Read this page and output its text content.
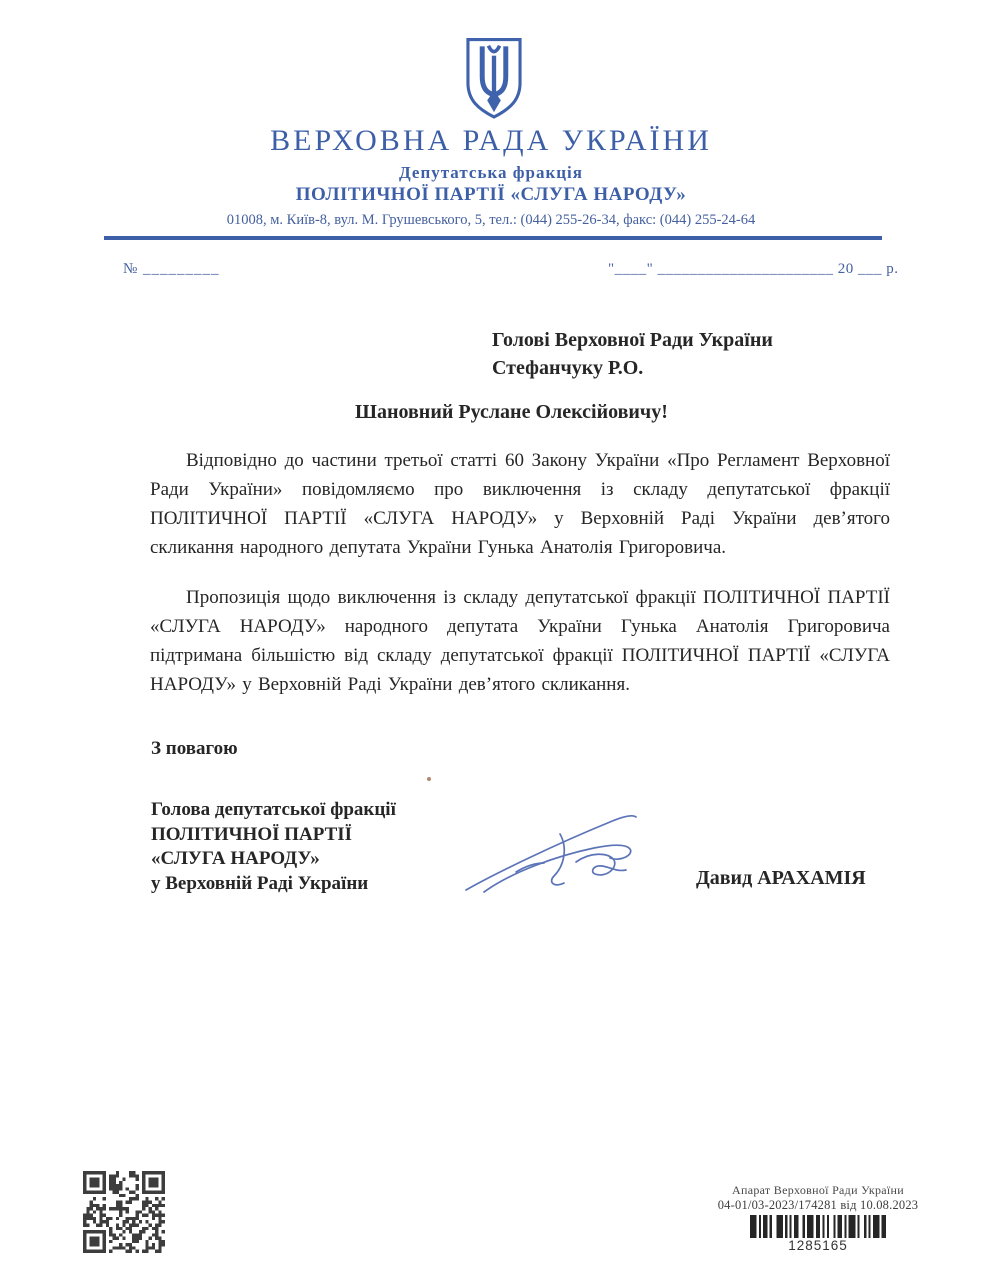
ВЕРХОВНА РАДА УКРАЇНИ
Депутатська фракція
ПОЛІТИЧНОЇ ПАРТІЇ «СЛУГА НАРОДУ»
01008, м. Київ-8, вул. М. Грушевського, 5, тел.: (044) 255-26-34, факс: (044) 255-24-64
№ _________	"____" ______________________ 20 ___ р.
Голові Верховної Ради України
Стефанчуку Р.О.
Шановний Руслане Олексійовичу!

Відповідно до частини третьої статті 60 Закону України «Про Регламент Верховної Ради України» повідомляємо про виключення із складу депутатської фракції ПОЛІТИЧНОЇ ПАРТІЇ «СЛУГА НАРОДУ» у Верховній Раді України дев’ятого скликання народного депутата України Гунька Анатолія Григоровича.

Пропозиція щодо виключення із складу депутатської фракції ПОЛІТИЧНОЇ ПАРТІЇ «СЛУГА НАРОДУ» народного депутата України Гунька Анатолія Григоровича підтримана більшістю від складу депутатської фракції ПОЛІТИЧНОЇ ПАРТІЇ «СЛУГА НАРОДУ» у Верховній Раді України дев’ятого скликання.

З повагою
Голова депутатської фракції
ПОЛІТИЧНОЇ ПАРТІЇ
«СЛУГА НАРОДУ»
у Верховній Раді України	Давид АРАХАМІЯ
Апарат Верховної Ради України
04-01/03-2023/174281 від 10.08.2023
1285165
